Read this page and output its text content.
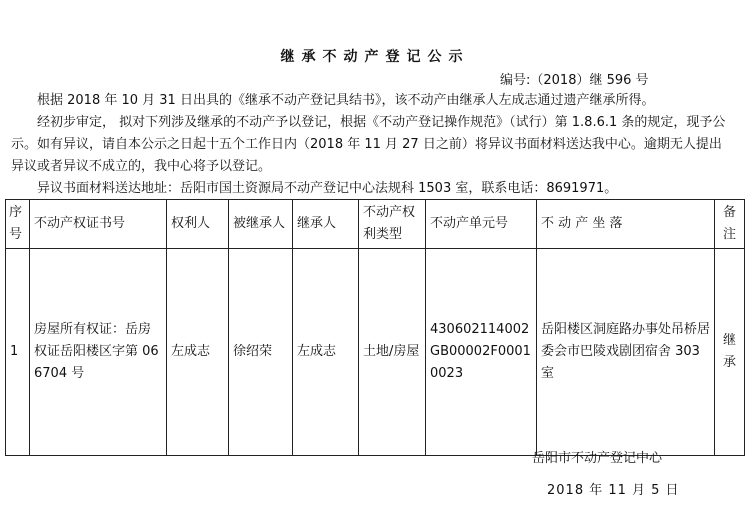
继承不动产登记公示
编号:（2018）继 596 号
根据 2018 年 10 月 31 日出具的《继承不动产登记具结书》，该不动产由继承人左成志通过遗产继承所得。
经初步审定， 拟对下列涉及继承的不动产予以登记，根据《不动产登记操作规范》（试行）第 1.8.6.1 条的规定，现予公示。如有异议，请自本公示之日起十五个工作日内（2018 年 11 月 27 日之前）将异议书面材料送达我中心。逾期无人提出异议或者异议不成立的，我中心将予以登记。
异议书面材料送达地址：岳阳市国土资源局不动产登记中心法规科 1503 室，联系电话：8691971。
序号	不动产权证书号	权利人	被继承人	继承人	不动产权利类型	不动产单元号	不 动 产 坐 落	备注
1	房屋所有权证：岳房权证岳阳楼区字第 066704 号	左成志	徐绍荣	左成志	土地/房屋	430602114002GB00002F00010023	岳阳楼区洞庭路办事处吊桥居委会市巴陵戏剧团宿舍 303 室	继承
岳阳市不动产登记中心
2018 年 11 月 5 日
